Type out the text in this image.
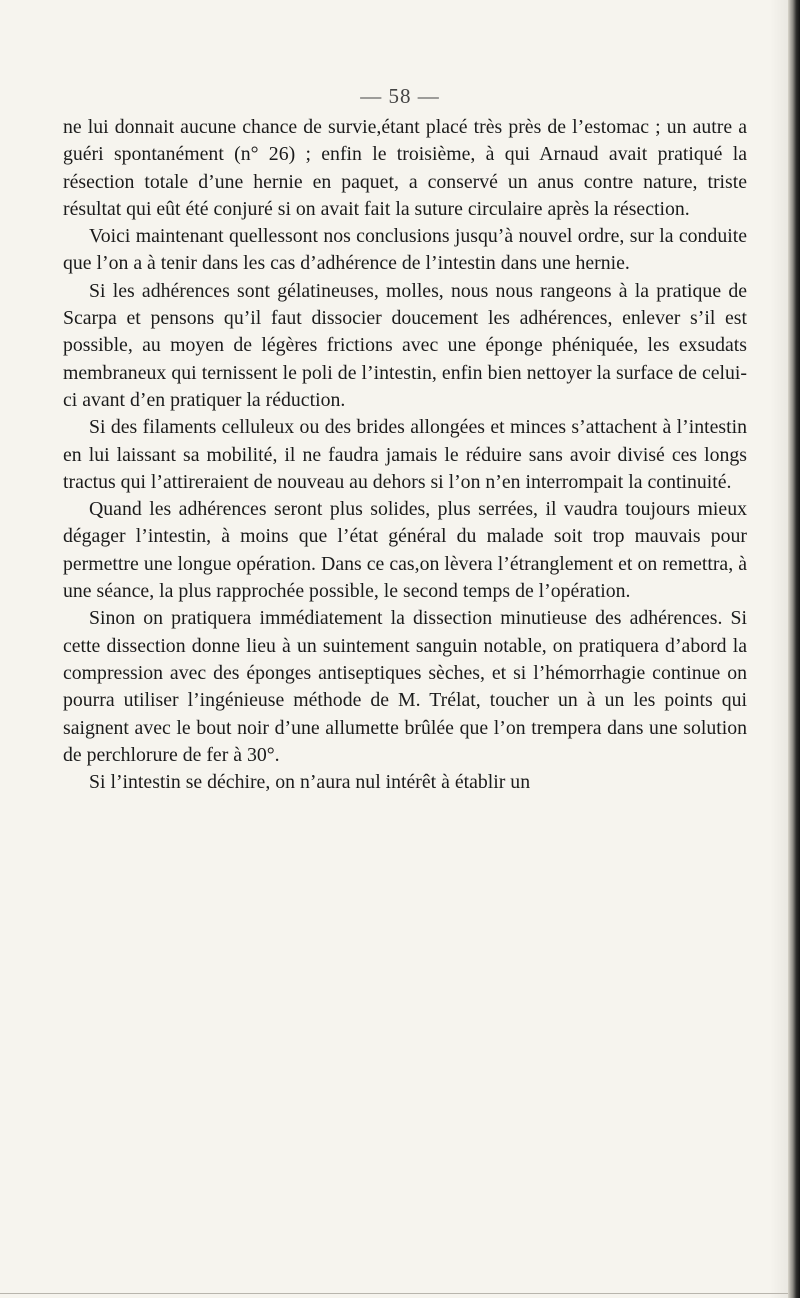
— 58 —

ne lui donnait aucune chance de survie,étant placé très près de l’estomac ; un autre a guéri spontanément (n° 26) ; enfin le troisième, à qui Arnaud avait pratiqué la résection totale d’une hernie en paquet, a conservé un anus contre nature, triste résultat qui eût été conjuré si on avait fait la suture circulaire après la résection.

Voici maintenant quellessont nos conclusions jusqu’à nouvel ordre, sur la conduite que l’on a à tenir dans les cas d’adhérence de l’intestin dans une hernie.

Si les adhérences sont gélatineuses, molles, nous nous rangeons à la pratique de Scarpa et pensons qu’il faut dissocier doucement les adhérences, enlever s’il est possible, au moyen de légères frictions avec une éponge phéniquée, les exsudats membraneux qui ternissent le poli de l’intestin, enfin bien nettoyer la surface de celui-ci avant d’en pratiquer la réduction.

Si des filaments celluleux ou des brides allongées et minces s’attachent à l’intestin en lui laissant sa mobilité, il ne faudra jamais le réduire sans avoir divisé ces longs tractus qui l’attireraient de nouveau au dehors si l’on n’en interrompait la continuité.

Quand les adhérences seront plus solides, plus serrées, il vaudra toujours mieux dégager l’intestin, à moins que l’état général du malade soit trop mauvais pour permettre une longue opération. Dans ce cas,on lèvera l’étranglement et on remettra, à une séance, la plus rapprochée possible, le second temps de l’opération.

Sinon on pratiquera immédiatement la dissection minutieuse des adhérences. Si cette dissection donne lieu à un suintement sanguin notable, on pratiquera d’abord la compression avec des éponges antiseptiques sèches, et si l’hémorrhagie continue on pourra utiliser l’ingénieuse méthode de M. Trélat, toucher un à un les points qui saignent avec le bout noir d’une allumette brûlée que l’on trempera dans une solution de perchlorure de fer à 30°.

Si l’intestin se déchire, on n’aura nul intérêt à établir un
